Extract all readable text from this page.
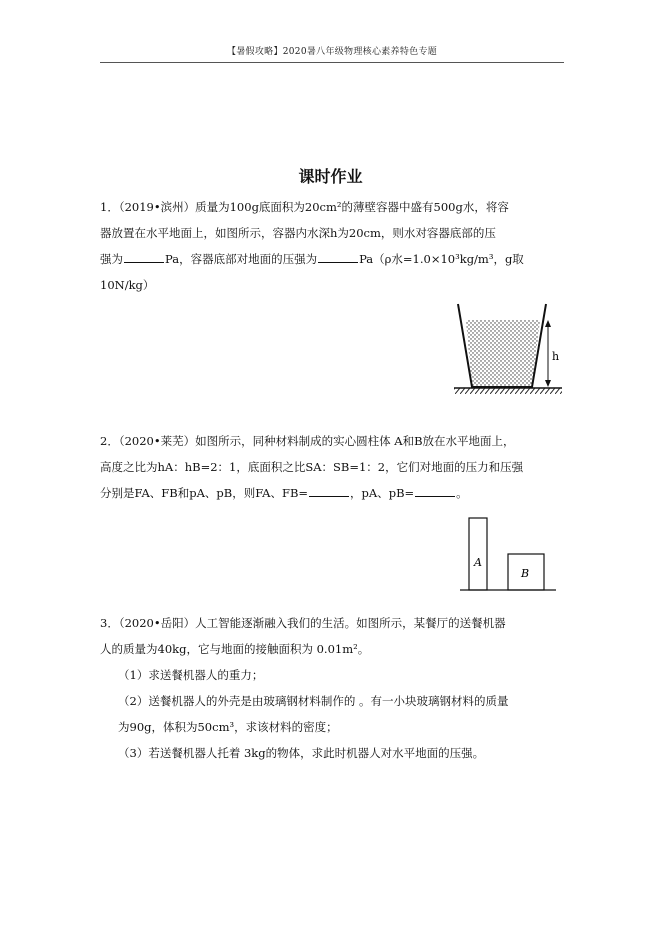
【暑假攻略】2020暑八年级物理核心素养特色专题
课时作业
1．（2019•滨州）质量为100g底面积为20cm²的薄壁容器中盛有500g水，将容
器放置在水平地面上，如图所示，容器内水深h为20cm，则水对容器底部的压
强为	Pa，容器底部对地面的压强为	Pa（ρ水=1.0×10³kg/m³，g取
10N/kg）
h
2．（2020•莱芜）如图所示，同种材料制成的实心圆柱体 A和B放在水平地面上，
高度之比为hA：hB=2：1，底面积之比SA：SB=1：2，它们对地面的压力和压强
分别是FA、FB和pA、pB，则FA、FB=	，pA、pB=	。
A
B
3．（2020•岳阳）人工智能逐渐融入我们的生活。如图所示，某餐厅的送餐机器
人的质量为40kg，它与地面的接触面积为 0.01m²。
（1）求送餐机器人的重力；
（2）送餐机器人的外壳是由玻璃钢材料制作的 。有一小块玻璃钢材料的质量
为90g，体积为50cm³，求该材料的密度；
（3）若送餐机器人托着 3kg的物体，求此时机器人对水平地面的压强。
